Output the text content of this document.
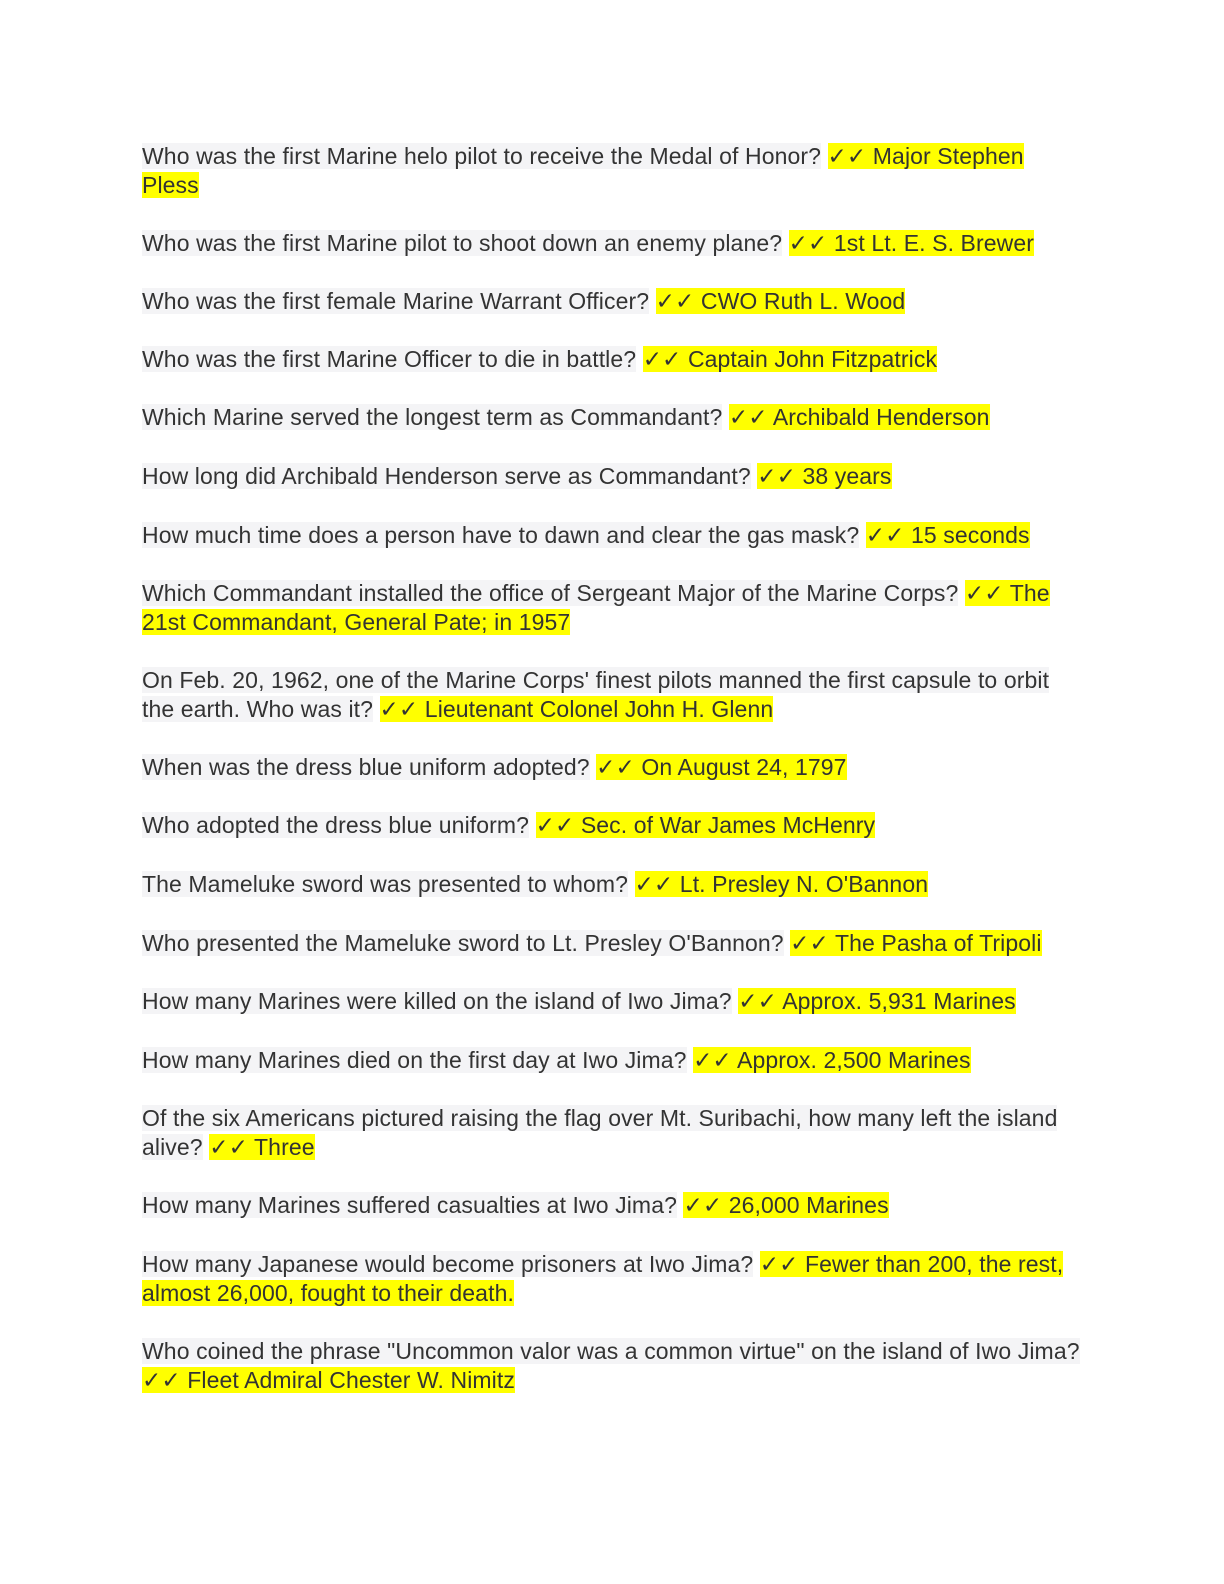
Who was the first Marine helo pilot to receive the Medal of Honor? ✓✓ Major Stephen Pless

Who was the first Marine pilot to shoot down an enemy plane? ✓✓ 1st Lt. E. S. Brewer

Who was the first female Marine Warrant Officer? ✓✓ CWO Ruth L. Wood

Who was the first Marine Officer to die in battle? ✓✓ Captain John Fitzpatrick

Which Marine served the longest term as Commandant? ✓✓ Archibald Henderson

How long did Archibald Henderson serve as Commandant? ✓✓ 38 years

How much time does a person have to dawn and clear the gas mask? ✓✓ 15 seconds

Which Commandant installed the office of Sergeant Major of the Marine Corps? ✓✓ The 21st Commandant, General Pate; in 1957

On Feb. 20, 1962, one of the Marine Corps' finest pilots manned the first capsule to orbit the earth. Who was it? ✓✓ Lieutenant Colonel John H. Glenn

When was the dress blue uniform adopted? ✓✓ On August 24, 1797

Who adopted the dress blue uniform? ✓✓ Sec. of War James McHenry

The Mameluke sword was presented to whom? ✓✓ Lt. Presley N. O'Bannon

Who presented the Mameluke sword to Lt. Presley O'Bannon? ✓✓ The Pasha of Tripoli

How many Marines were killed on the island of Iwo Jima? ✓✓ Approx. 5,931 Marines

How many Marines died on the first day at Iwo Jima? ✓✓ Approx. 2,500 Marines

Of the six Americans pictured raising the flag over Mt. Suribachi, how many left the island alive? ✓✓ Three

How many Marines suffered casualties at Iwo Jima? ✓✓ 26,000 Marines

How many Japanese would become prisoners at Iwo Jima? ✓✓ Fewer than 200, the rest, almost 26,000, fought to their death.

Who coined the phrase "Uncommon valor was a common virtue" on the island of Iwo Jima? ✓✓ Fleet Admiral Chester W. Nimitz
